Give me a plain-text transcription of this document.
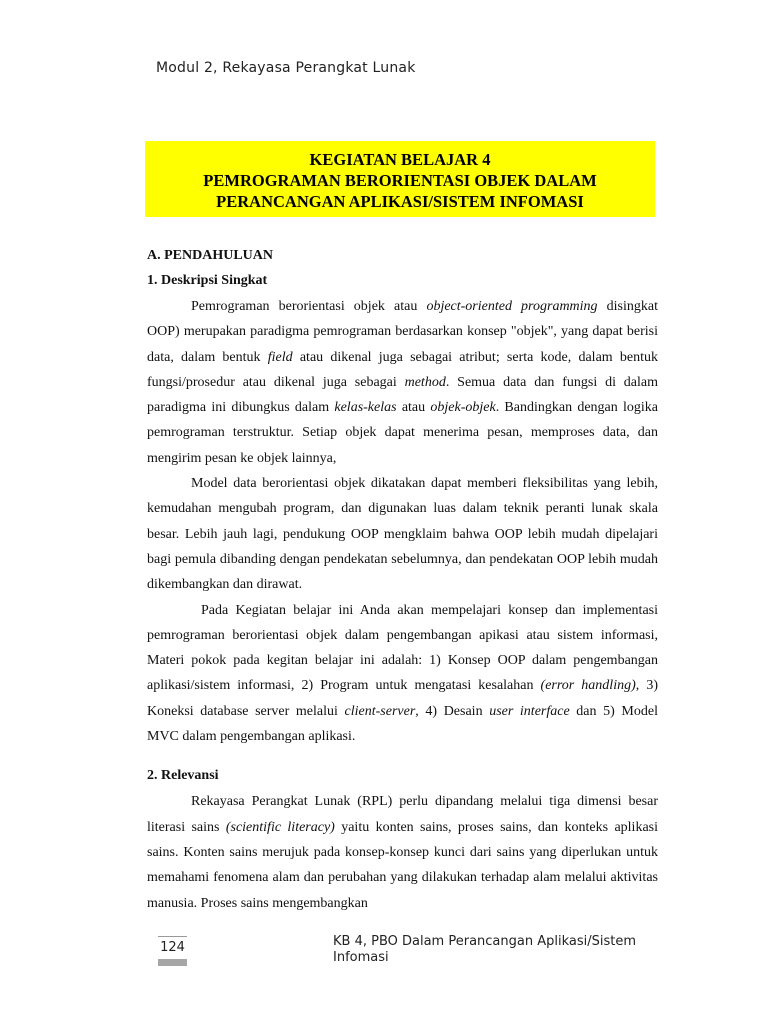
Modul 2, Rekayasa Perangkat Lunak
KEGIATAN BELAJAR 4
PEMROGRAMAN BERORIENTASI OBJEK DALAM
PERANCANGAN APLIKASI/SISTEM INFOMASI

A. PENDAHULUAN

1. Deskripsi Singkat

Pemrograman berorientasi objek atau object-oriented programming disingkat OOP) merupakan paradigma pemrograman berdasarkan konsep "objek", yang dapat berisi data, dalam bentuk field atau dikenal juga sebagai atribut; serta kode, dalam bentuk fungsi/prosedur atau dikenal juga sebagai method. Semua data dan fungsi di dalam paradigma ini dibungkus dalam kelas-kelas atau objek-objek. Bandingkan dengan logika pemrograman terstruktur. Setiap objek dapat menerima pesan, memproses data, dan mengirim pesan ke objek lainnya,

Model data berorientasi objek dikatakan dapat memberi fleksibilitas yang lebih, kemudahan mengubah program, dan digunakan luas dalam teknik peranti lunak skala besar. Lebih jauh lagi, pendukung OOP mengklaim bahwa OOP lebih mudah dipelajari bagi pemula dibanding dengan pendekatan sebelumnya, dan pendekatan OOP lebih mudah dikembangkan dan dirawat.

Pada Kegiatan belajar ini Anda akan mempelajari konsep dan implementasi pemrograman berorientasi objek dalam pengembangan apikasi atau sistem informasi, Materi pokok pada kegitan belajar ini adalah: 1) Konsep OOP dalam pengembangan aplikasi/sistem informasi, 2) Program untuk mengatasi kesalahan (error handling), 3) Koneksi database server melalui client-server, 4) Desain user interface dan 5) Model MVC dalam pengembangan aplikasi.

2. Relevansi

Rekayasa Perangkat Lunak (RPL) perlu dipandang melalui tiga dimensi besar literasi sains (scientific literacy) yaitu konten sains, proses sains, dan konteks aplikasi sains. Konten sains merujuk pada konsep-konsep kunci dari sains yang diperlukan untuk memahami fenomena alam dan perubahan yang dilakukan terhadap alam melalui aktivitas manusia. Proses sains mengembangkan

124	KB 4, PBO Dalam Perancangan Aplikasi/Sistem Infomasi
